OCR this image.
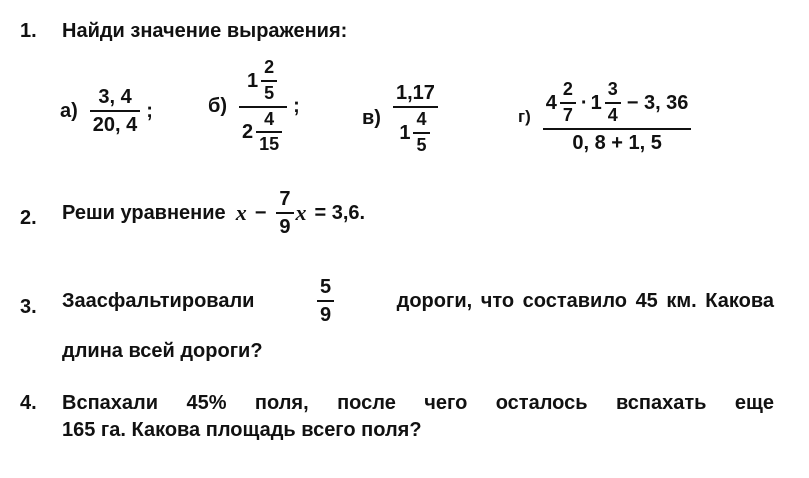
1. Найди значение выражения:
$а) \frac{3, 4}{20, 4}$ ;	$б) \frac{1 \frac{2}{5}}{2 \frac{4}{15}}$ ;
$в) \frac{1,17}{1 \frac{4}{5}}$	г)
$4 \frac{2}{7} \cdot 1 \frac{3}{4} - 3$, 36
0, 8 + 1, 5
2. Реши уравнение $x - \frac{7}{9}$ x = 3,6.
3. Заасфальтировали	$\frac{5}{9}$	дороги, что составило 45 км. Какова
длина всей дороги?
4. Вспахали 45% поля, после чего осталось вспахать еще
165 га. Какова площадь всего поля?
